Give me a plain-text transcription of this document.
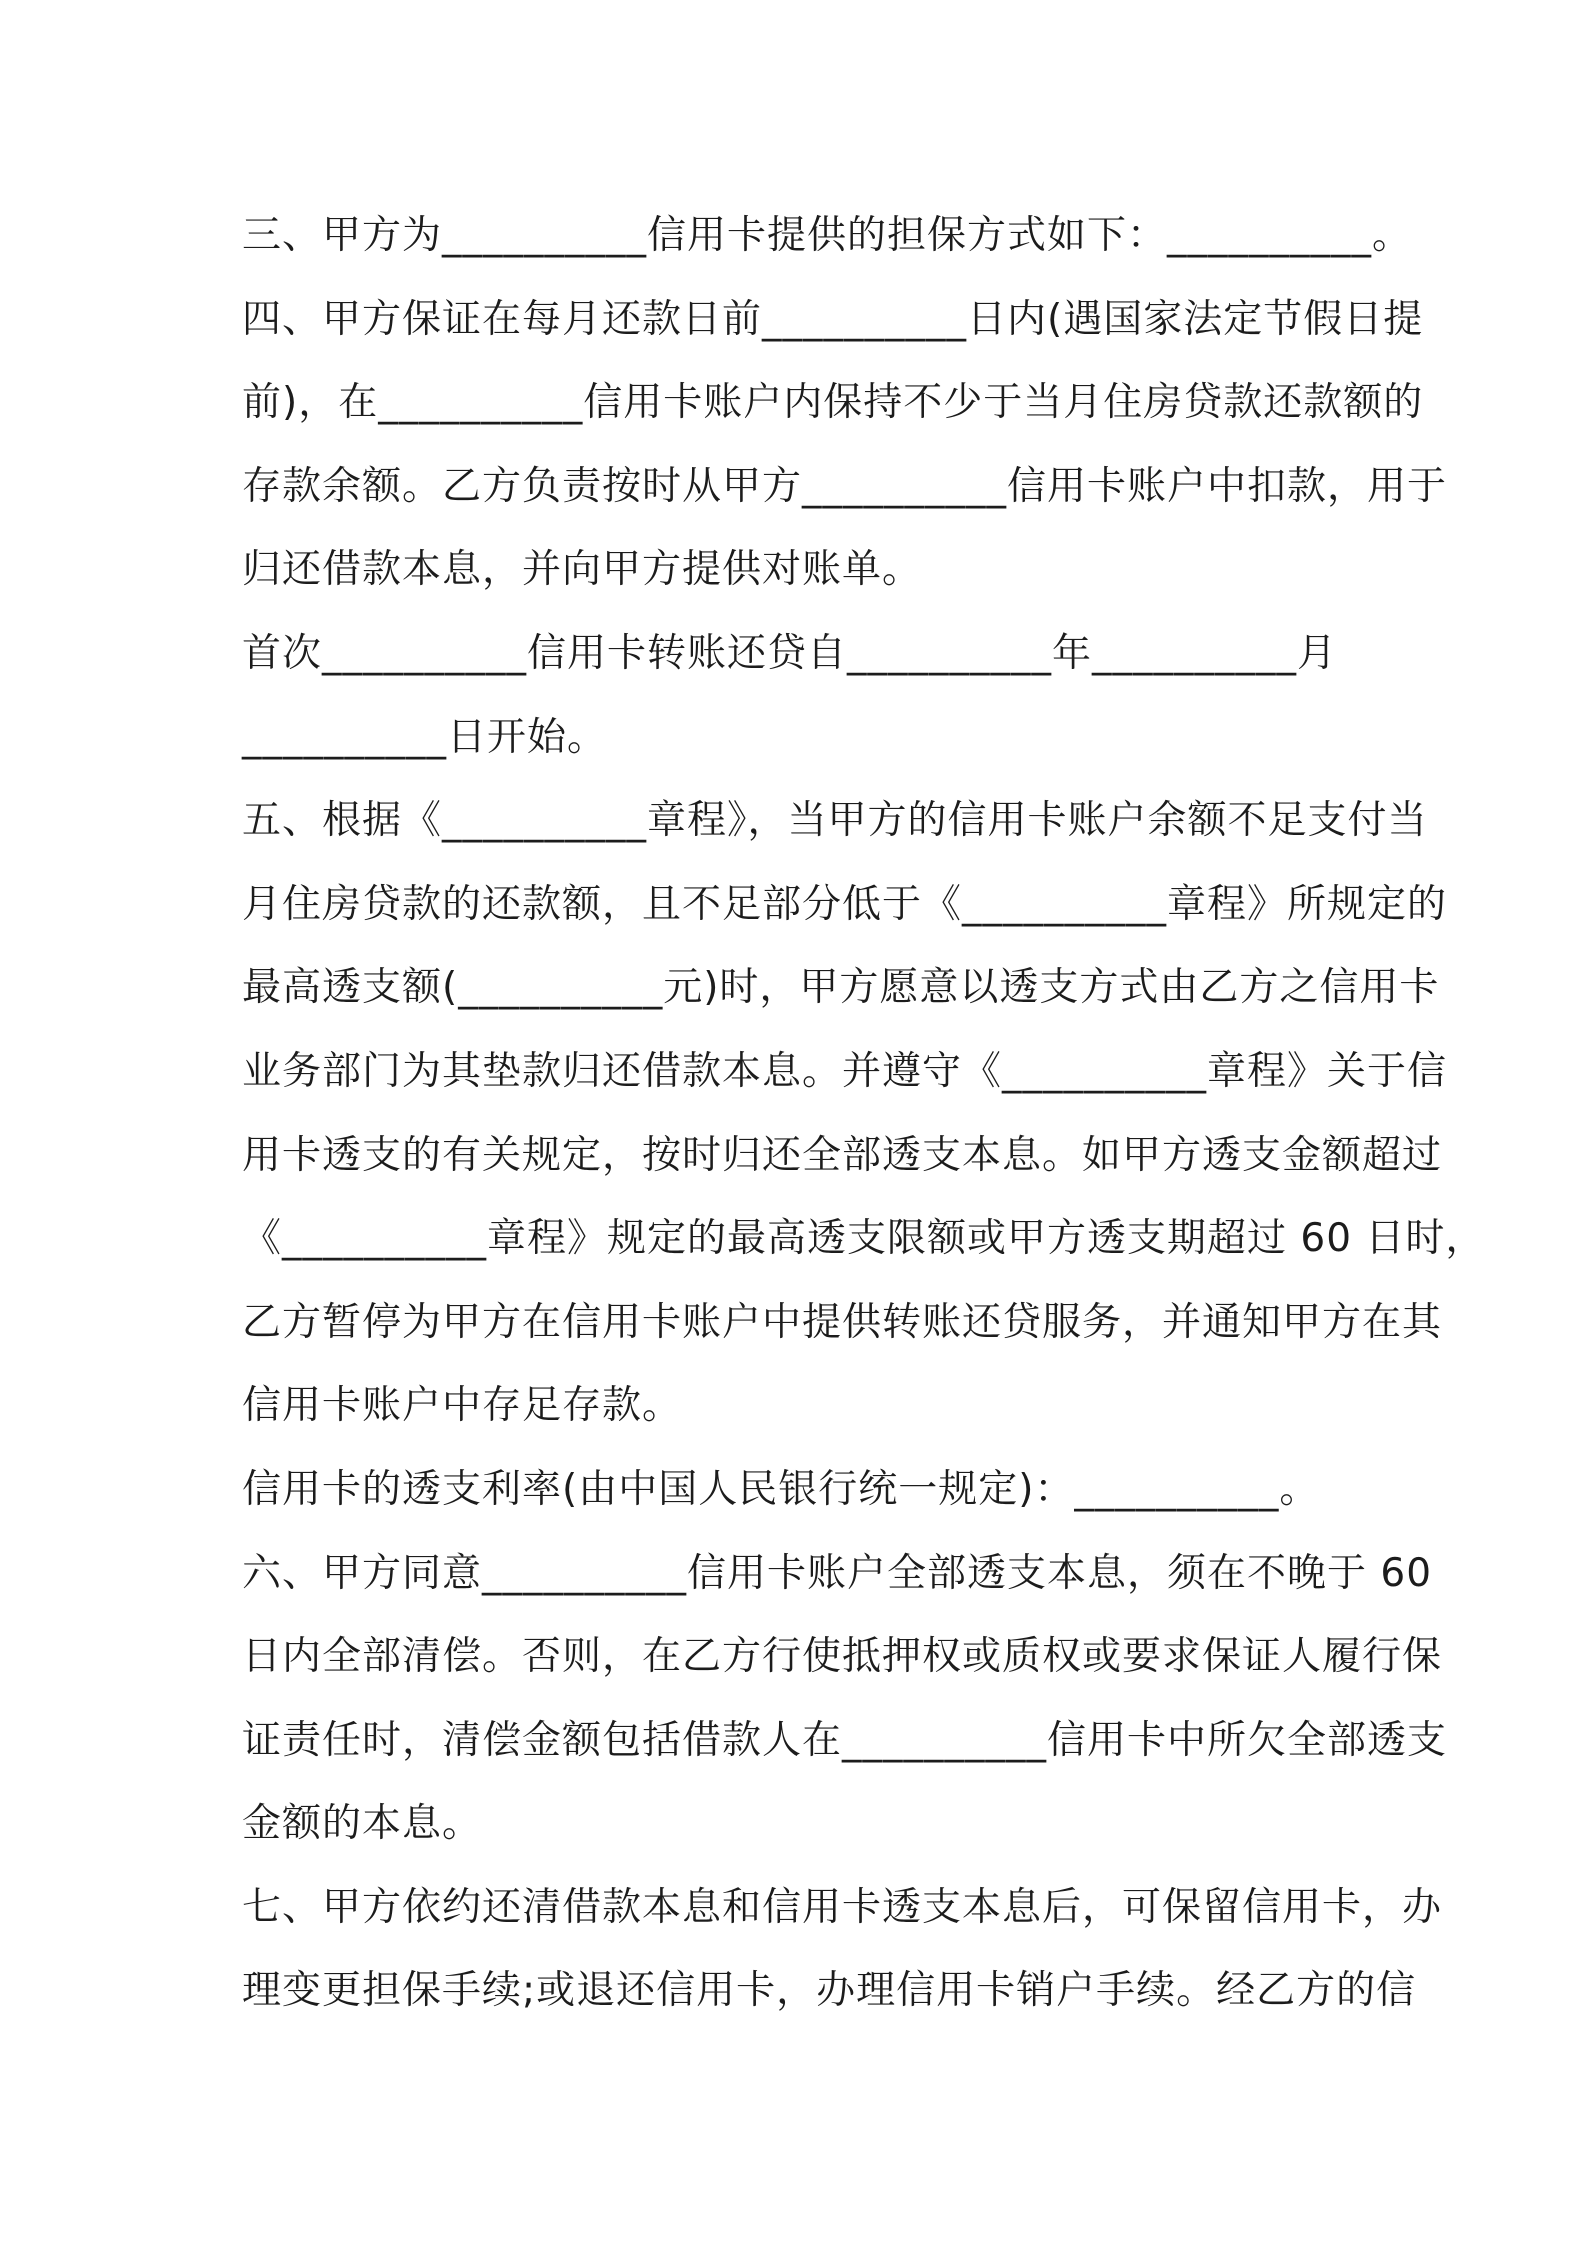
三、甲方为__________信用卡提供的担保方式如下：__________。
四、甲方保证在每月还款日前__________日内(遇国家法定节假日提
前)，在__________信用卡账户内保持不少于当月住房贷款还款额的
存款余额。乙方负责按时从甲方__________信用卡账户中扣款，用于
归还借款本息，并向甲方提供对账单。
首次__________信用卡转账还贷自__________年__________月
__________日开始。
五、根据《__________章程》，当甲方的信用卡账户余额不足支付当
月住房贷款的还款额，且不足部分低于《__________章程》所规定的
最高透支额(__________元)时，甲方愿意以透支方式由乙方之信用卡
业务部门为其垫款归还借款本息。并遵守《__________章程》关于信
用卡透支的有关规定，按时归还全部透支本息。如甲方透支金额超过
《__________章程》规定的最高透支限额或甲方透支期超过 60 日时，
乙方暂停为甲方在信用卡账户中提供转账还贷服务，并通知甲方在其
信用卡账户中存足存款。
信用卡的透支利率(由中国人民银行统一规定)：__________。
六、甲方同意__________信用卡账户全部透支本息，须在不晚于 60
日内全部清偿。否则，在乙方行使抵押权或质权或要求保证人履行保
证责任时，清偿金额包括借款人在__________信用卡中所欠全部透支
金额的本息。
七、甲方依约还清借款本息和信用卡透支本息后，可保留信用卡，办
理变更担保手续;或退还信用卡，办理信用卡销户手续。经乙方的信
